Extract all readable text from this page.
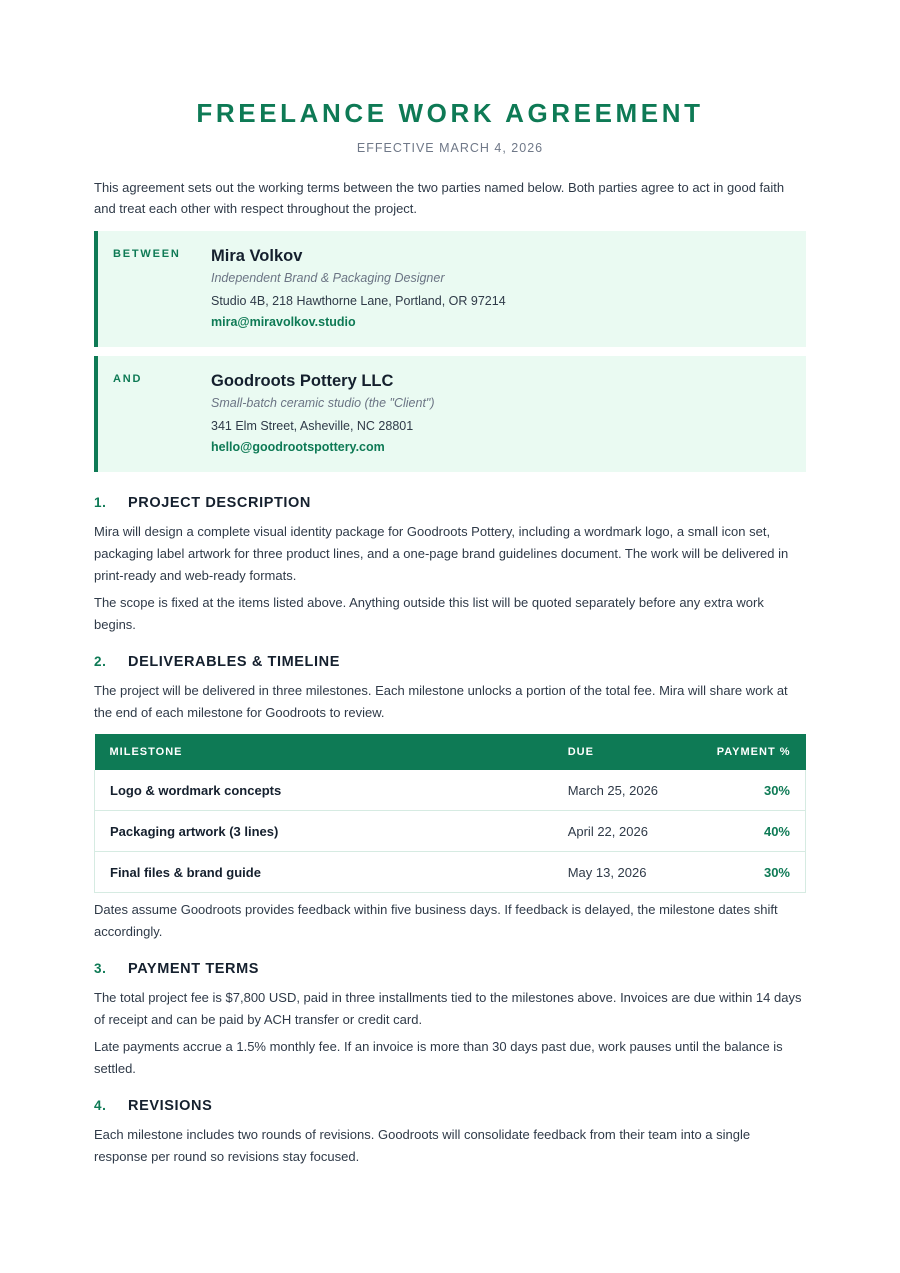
FREELANCE WORK AGREEMENT
EFFECTIVE MARCH 4, 2026
This agreement sets out the working terms between the two parties named below. Both parties agree to act in good faith and treat each other with respect throughout the project.
BETWEEN Mira Volkov
Independent Brand & Packaging Designer
Studio 4B, 218 Hawthorne Lane, Portland, OR 97214
mira@miravolkov.studio
AND	Goodroots Pottery LLC
Small-batch ceramic studio (the "Client")
341 Elm Street, Asheville, NC 28801
hello@goodrootspottery.com
1. PROJECT DESCRIPTION
Mira will design a complete visual identity package for Goodroots Pottery, including a wordmark logo, a small icon set, packaging label artwork for three product lines, and a one-page brand guidelines document. The work will be delivered in print-ready and web-ready formats.
The scope is fixed at the items listed above. Anything outside this list will be quoted separately before any extra work begins.
2. DELIVERABLES & TIMELINE
The project will be delivered in three milestones. Each milestone unlocks a portion of the total fee. Mira will share work at the end of each milestone for Goodroots to review.
MILESTONE	DUE	PAYMENT %
Logo & wordmark concepts	March 25, 2026	30%
Packaging artwork (3 lines)	April 22, 2026	40%
Final files & brand guide	May 13, 2026	30%
Dates assume Goodroots provides feedback within five business days. If feedback is delayed, the milestone dates shift accordingly.
3. PAYMENT TERMS
The total project fee is $7,800 USD, paid in three installments tied to the milestones above. Invoices are due within 14 days of receipt and can be paid by ACH transfer or credit card.
Late payments accrue a 1.5% monthly fee. If an invoice is more than 30 days past due, work pauses until the balance is settled.
4. REVISIONS
Each milestone includes two rounds of revisions. Goodroots will consolidate feedback from their team into a single response per round so revisions stay focused.
